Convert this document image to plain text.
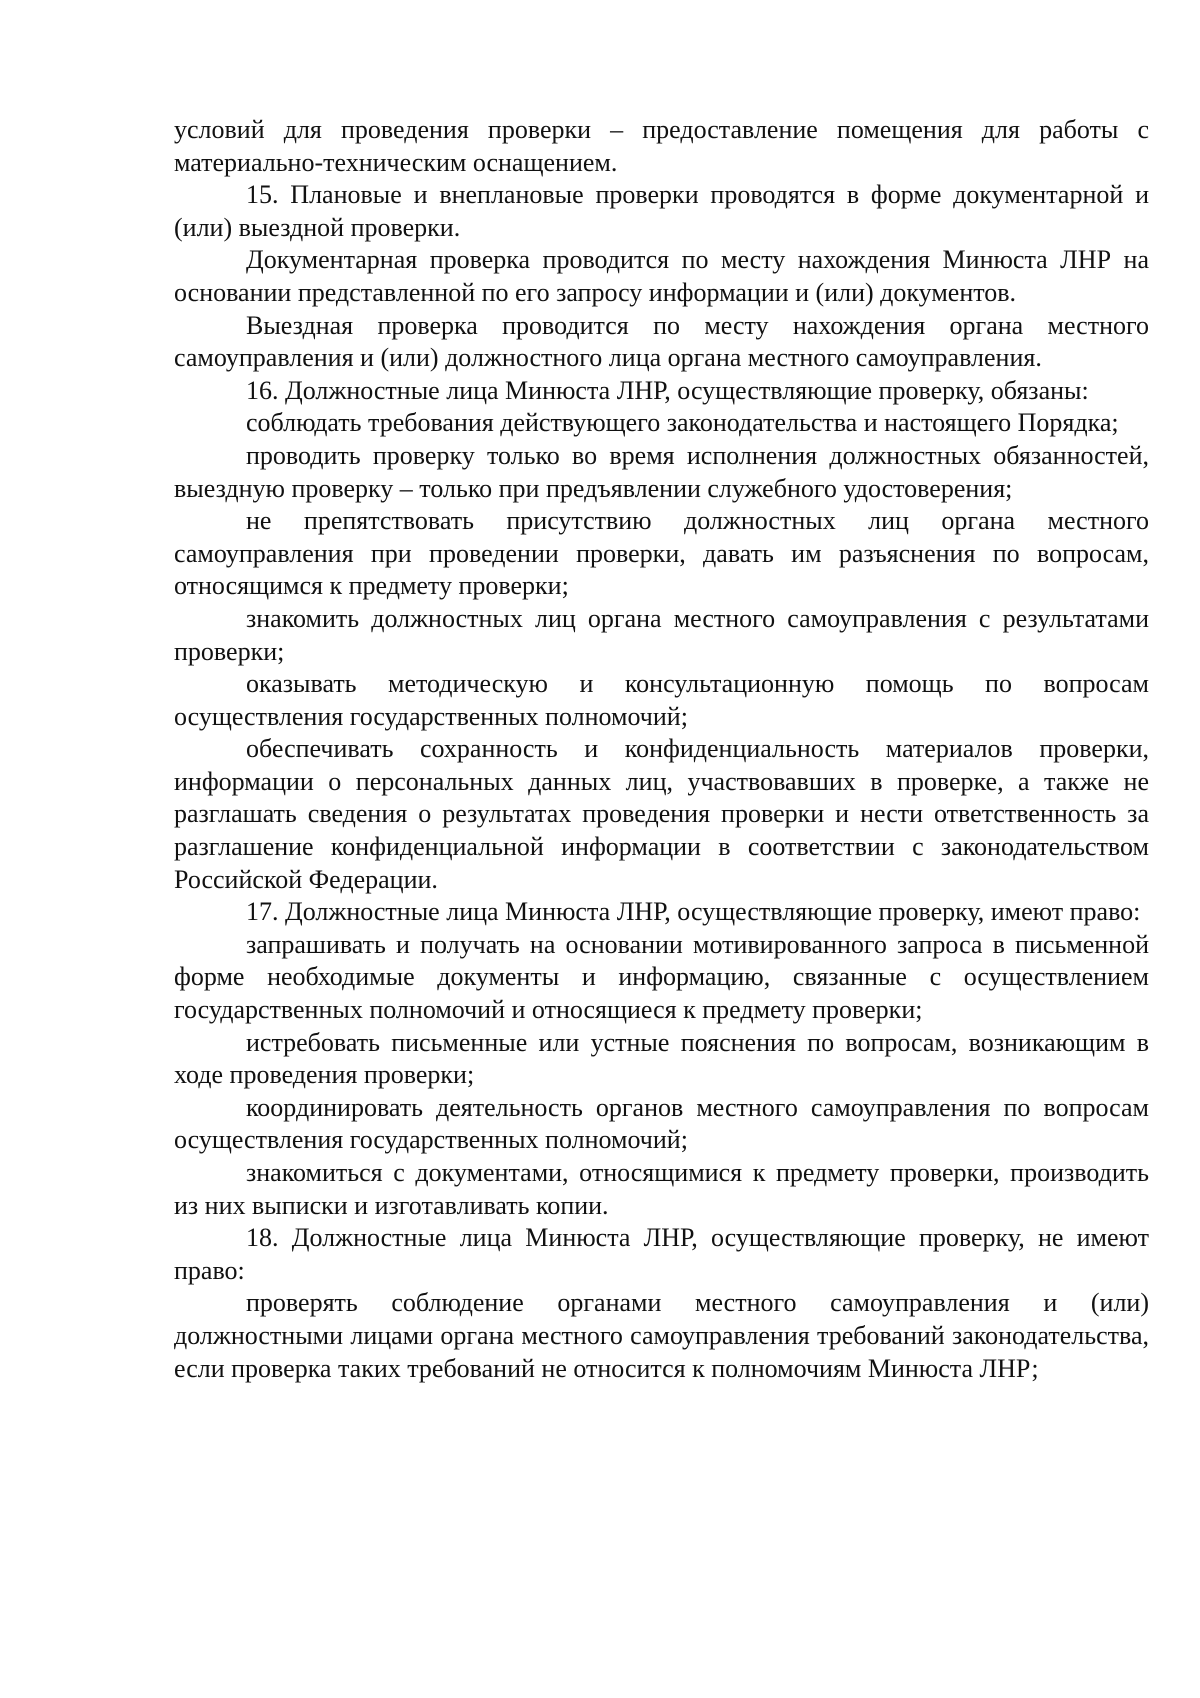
условий для проведения проверки – предоставление помещения для работы с материально-техническим оснащением.

15. Плановые и внеплановые проверки проводятся в форме документарной и (или) выездной проверки.

Документарная проверка проводится по месту нахождения Минюста ЛНР на основании представленной по его запросу информации и (или) документов.

Выездная проверка проводится по месту нахождения органа местного самоуправления и (или) должностного лица органа местного самоуправления.

16. Должностные лица Минюста ЛНР, осуществляющие проверку, обязаны:

соблюдать требования действующего законодательства и настоящего Порядка;

проводить проверку только во время исполнения должностных обязанностей, выездную проверку – только при предъявлении служебного удостоверения;

не препятствовать присутствию должностных лиц органа местного самоуправления при проведении проверки, давать им разъяснения по вопросам, относящимся к предмету проверки;

знакомить должностных лиц органа местного самоуправления с результатами проверки;

оказывать методическую и консультационную помощь по вопросам осуществления государственных полномочий;

обеспечивать сохранность и конфиденциальность материалов проверки, информации о персональных данных лиц, участвовавших в проверке, а также не разглашать сведения о результатах проведения проверки и нести ответственность за разглашение конфиденциальной информации в соответствии с законодательством Российской Федерации.

17. Должностные лица Минюста ЛНР, осуществляющие проверку, имеют право:

запрашивать и получать на основании мотивированного запроса в письменной форме необходимые документы и информацию, связанные с осуществлением государственных полномочий и относящиеся к предмету проверки;

истребовать письменные или устные пояснения по вопросам, возникающим в ходе проведения проверки;

координировать деятельность органов местного самоуправления по вопросам осуществления государственных полномочий;

знакомиться с документами, относящимися к предмету проверки, производить из них выписки и изготавливать копии.

18. Должностные лица Минюста ЛНР, осуществляющие проверку, не имеют право:

проверять соблюдение органами местного самоуправления и (или) должностными лицами органа местного самоуправления требований законодательства, если проверка таких требований не относится к полномочиям Минюста ЛНР;
